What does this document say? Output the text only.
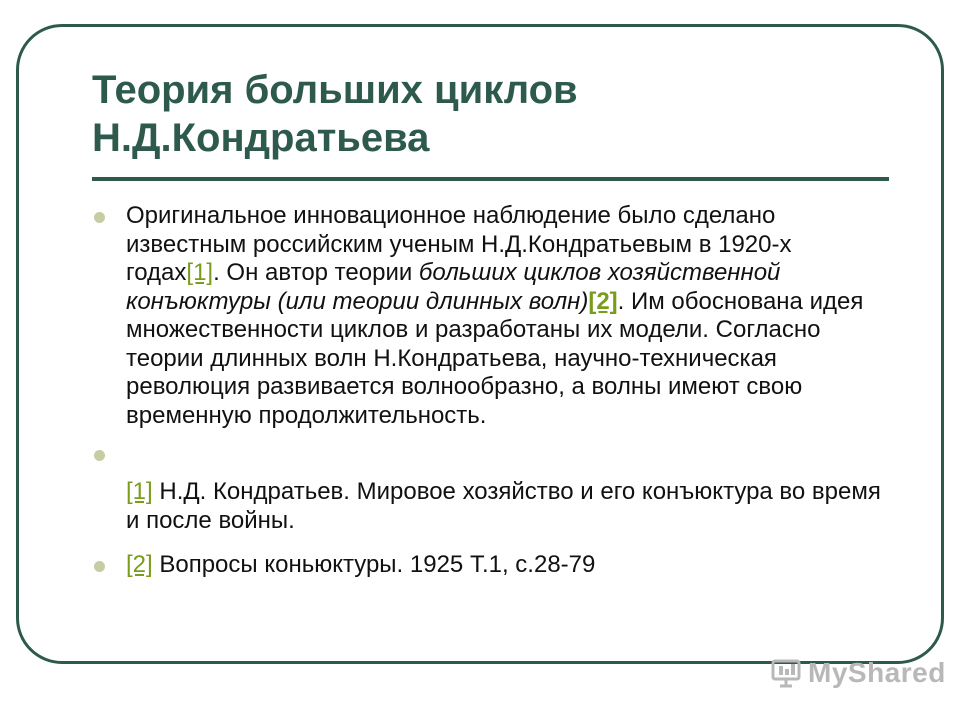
Теория больших циклов
Н.Д.Кондратьева
Оригинальное инновационное наблюдение было сделано известным российским ученым Н.Д.Кондратьевым в 1920-х годах[1]. Он автор теории больших циклов хозяйственной конъюктуры (или теории длинных волн)[2]. Им обоснована идея множественности циклов и разработаны их модели. Согласно теории длинных волн Н.Кондратьева, научно-техническая революция развивается волнообразно, а волны имеют свою временную продолжительность.
[1] Н.Д. Кондратьев. Мировое хозяйство и его конъюктура во время и после войны.
[2] Вопросы коньюктуры. 1925 Т.1, с.28-79
MyShared
